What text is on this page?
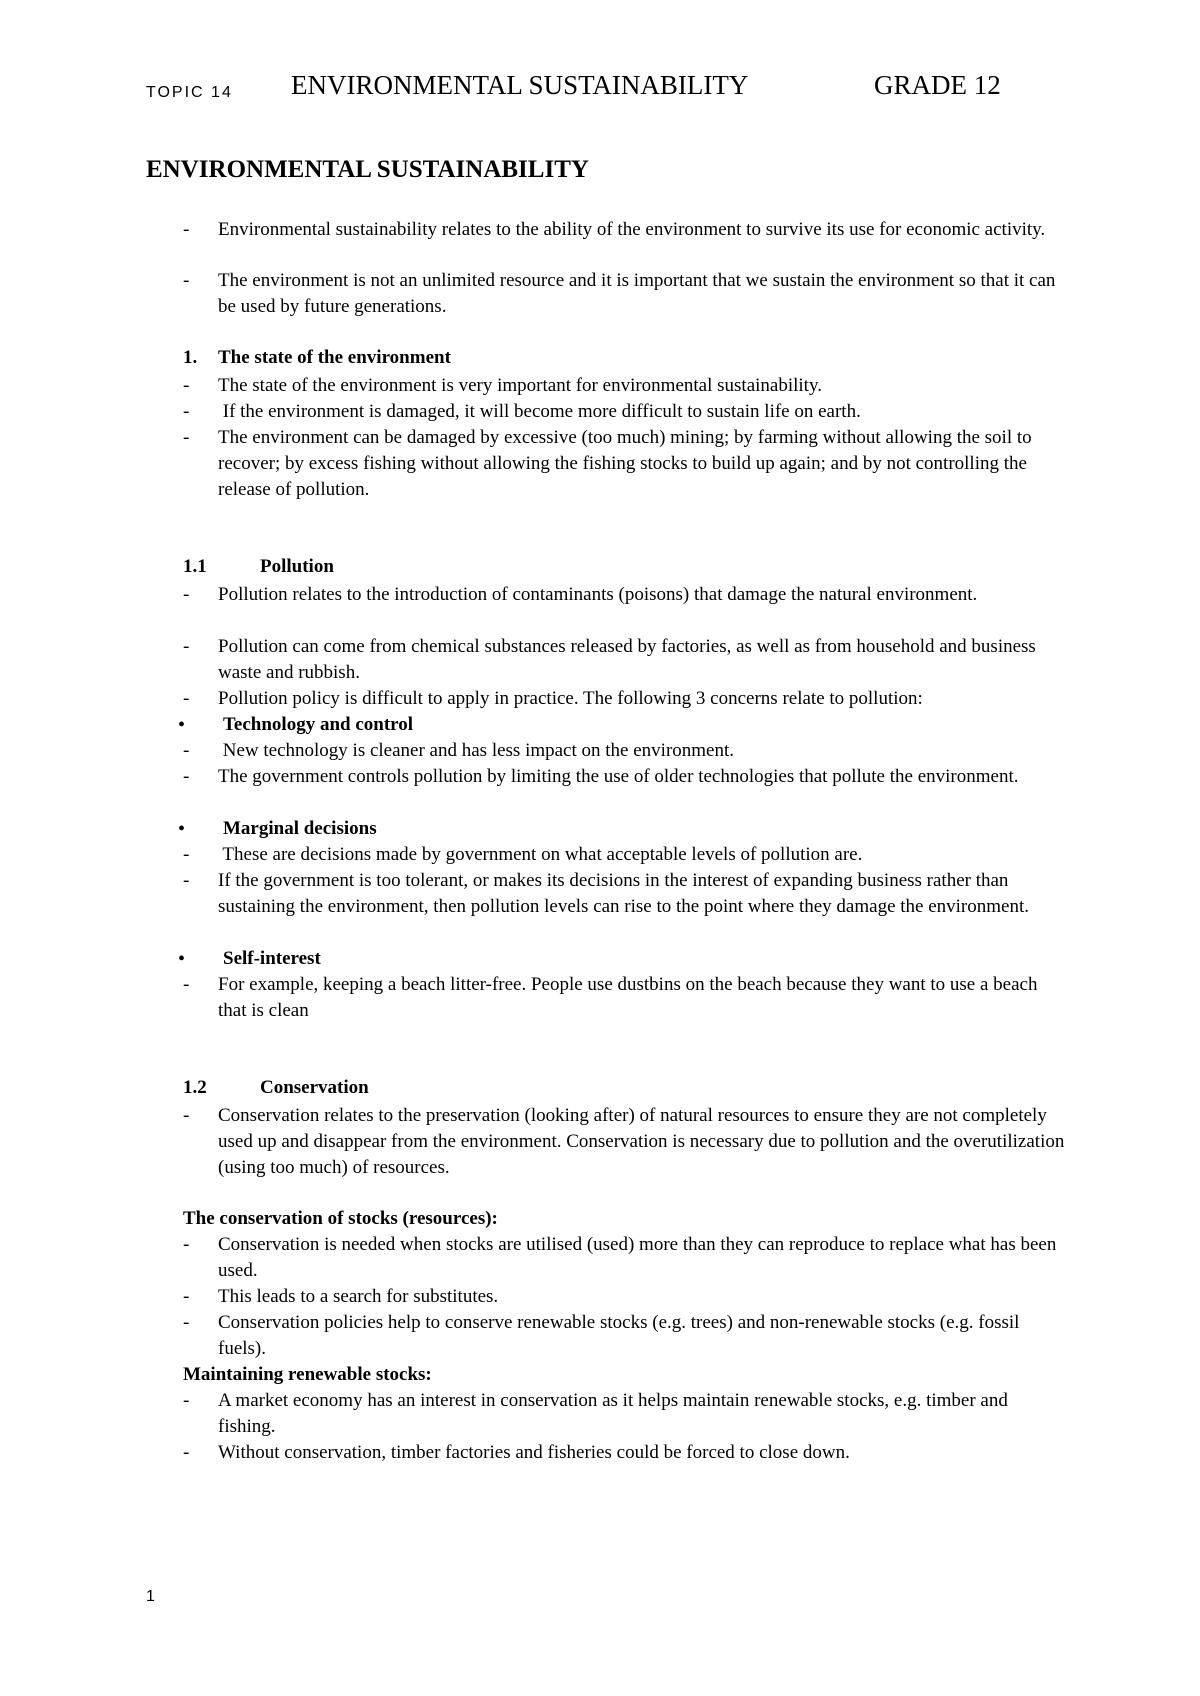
TOPIC 14 ENVIRONMENTAL SUSTAINABILITY	GRADE 12
ENVIRONMENTAL SUSTAINABILITY
-	Environmental sustainability relates to the ability of the environment to survive its use for economic activity.
-	The environment is not an unlimited resource and it is important that we sustain the environment so that it can be used by future generations.
1. The state of the environment
-	The state of the environment is very important for environmental sustainability.
-	If the environment is damaged, it will become more difficult to sustain life on earth.
-	The environment can be damaged by excessive (too much) mining; by farming without allowing the soil to recover; by excess fishing without allowing the fishing stocks to build up again; and by not controlling the release of pollution.
1.1	Pollution
-	Pollution relates to the introduction of contaminants (poisons) that damage the natural environment.
-	Pollution can come from chemical substances released by factories, as well as from household and business waste and rubbish.
-	Pollution policy is difficult to apply in practice. The following 3 concerns relate to pollution:
• Technology and control
-	New technology is cleaner and has less impact on the environment.
-	The government controls pollution by limiting the use of older technologies that pollute the environment.
• Marginal decisions
-	These are decisions made by government on what acceptable levels of pollution are.
-	If the government is too tolerant, or makes its decisions in the interest of expanding business rather than sustaining the environment, then pollution levels can rise to the point where they damage the environment.
• Self-interest
-	For example, keeping a beach litter-free. People use dustbins on the beach because they want to use a beach that is clean
1.2	Conservation
-	Conservation relates to the preservation (looking after) of natural resources to ensure they are not completely used up and disappear from the environment. Conservation is necessary due to pollution and the overutilization (using too much) of resources.
The conservation of stocks (resources):
-	Conservation is needed when stocks are utilised (used) more than they can reproduce to replace what has been used.
-	This leads to a search for substitutes.
-	Conservation policies help to conserve renewable stocks (e.g. trees) and non-renewable stocks (e.g. fossil fuels).
Maintaining renewable stocks:
-	A market economy has an interest in conservation as it helps maintain renewable stocks, e.g. timber and fishing.
-	Without conservation, timber factories and fisheries could be forced to close down.
1
